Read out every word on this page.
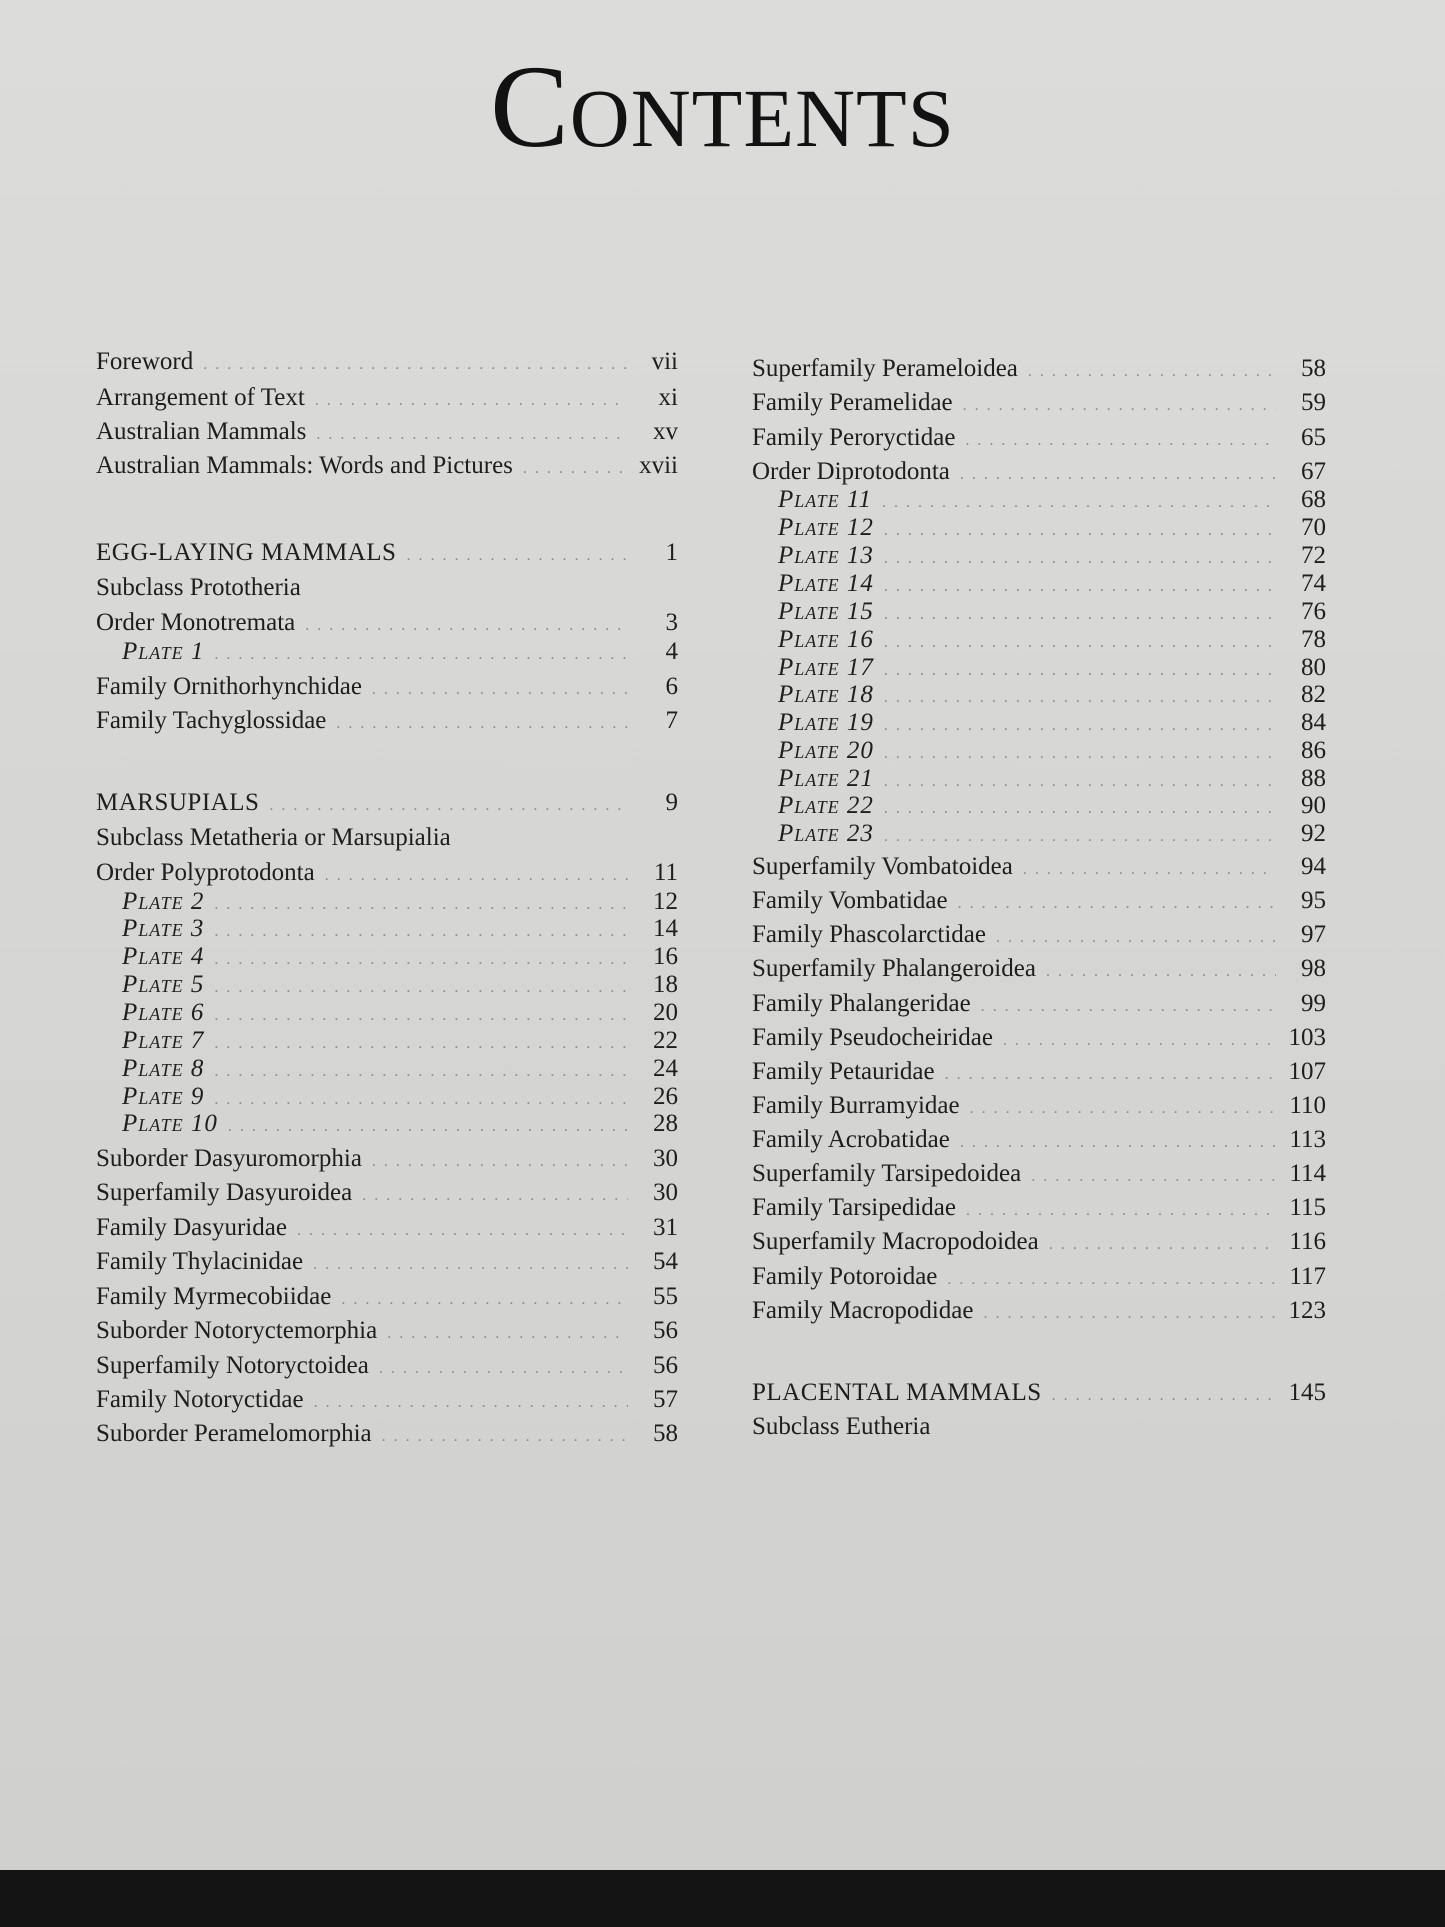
Contents
Foreword . . .	vii
Arrangement of Text . . .	xi
Australian Mammals . . .	xv
Australian Mammals: Words and Pictures . . .	xvii
EGG-LAYING MAMMALS . . .	1
Subclass Prototheria
Order Monotremata . . .	3
Plate 1 . . .	4
Family Ornithorhynchidae . . .	6
Family Tachyglossidae . . .	7
MARSUPIALS . . .	9
Subclass Metatheria or Marsupialia
Order Polyprotodonta . . .	11
Plate 2 . . .	12
Plate 3 . . .	14
Plate 4 . . .	16
Plate 5 . . .	18
Plate 6 . . .	20
Plate 7 . . .	22
Plate 8 . . .	24
Plate 9 . . .	26
Plate 10 . . .	28
Suborder Dasyuromorphia . . .	30
Superfamily Dasyuroidea . . .	30
Family Dasyuridae . . .	31
Family Thylacinidae . . .	54
Family Myrmecobiidae . . .	55
Suborder Notoryctemorphia . . .	56
Superfamily Notoryctoidea . . .	56
Family Notoryctidae . . .	57
Suborder Peramelomorphia . . .	58
Superfamily Perameloidea . . .	58
Family Peramelidae . . .	59
Family Peroryctidae . . .	65
Order Diprotodonta . . .	67
Plate 11 . . .	68
Plate 12 . . .	70
Plate 13 . . .	72
Plate 14 . . .	74
Plate 15 . . .	76
Plate 16 . . .	78
Plate 17 . . .	80
Plate 18 . . .	82
Plate 19 . . .	84
Plate 20 . . .	86
Plate 21 . . .	88
Plate 22 . . .	90
Plate 23 . . .	92
Superfamily Vombatoidea . . .	94
Family Vombatidae . . .	95
Family Phascolarctidae . . .	97
Superfamily Phalangeroidea . . .	98
Family Phalangeridae . . .	99
Family Pseudocheiridae . . .	103
Family Petauridae . . .	107
Family Burramyidae . . .	110
Family Acrobatidae . . .	113
Superfamily Tarsipedoidea . . .	114
Family Tarsipedidae . . .	115
Superfamily Macropodoidea . . .	116
Family Potoroidae . . .	117
Family Macropodidae . . .	123
PLACENTAL MAMMALS . . .	145
Subclass Eutheria
